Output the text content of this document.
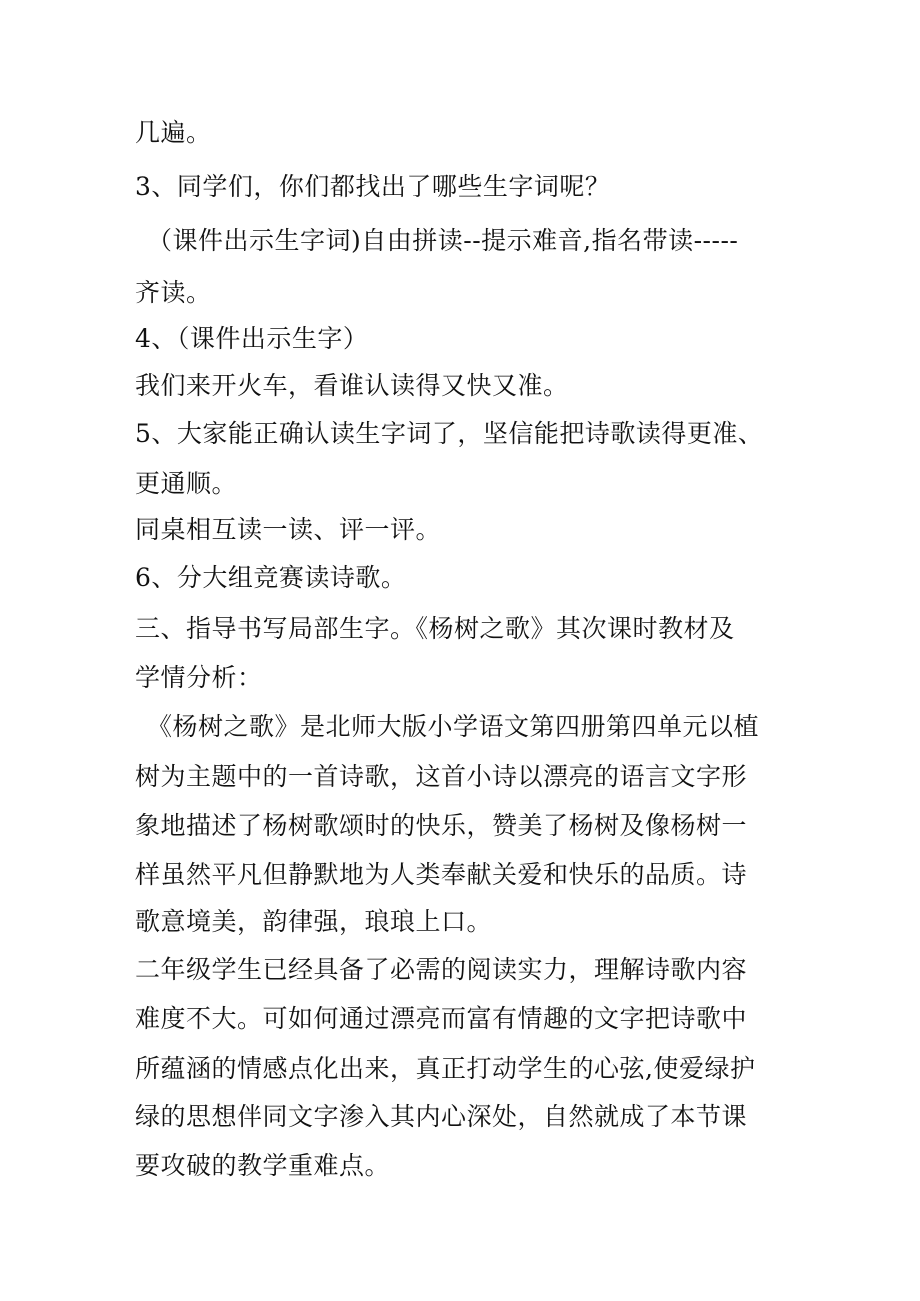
几遍。
3、同学们，你们都找出了哪些生字词呢？
（课件出示生字词)自由拼读--提示难音,指名带读-----
齐读。
4、（课件出示生字）
我们来开火车，看谁认读得又快又准。
5、大家能正确认读生字词了，坚信能把诗歌读得更准、
更通顺。
同桌相互读一读、评一评。
6、分大组竞赛读诗歌。
三、指导书写局部生字。《杨树之歌》其次课时教材及
学情分析：
《杨树之歌》是北师大版小学语文第四册第四单元以植
树为主题中的一首诗歌，这首小诗以漂亮的语言文字形
象地描述了杨树歌颂时的快乐，赞美了杨树及像杨树一
样虽然平凡但静默地为人类奉献关爱和快乐的品质。诗
歌意境美，韵律强，琅琅上口。
二年级学生已经具备了必需的阅读实力，理解诗歌内容
难度不大。可如何通过漂亮而富有情趣的文字把诗歌中
所蕴涵的情感点化出来，真正打动学生的心弦,使爱绿护
绿的思想伴同文字渗入其内心深处，自然就成了本节课
要攻破的教学重难点。
